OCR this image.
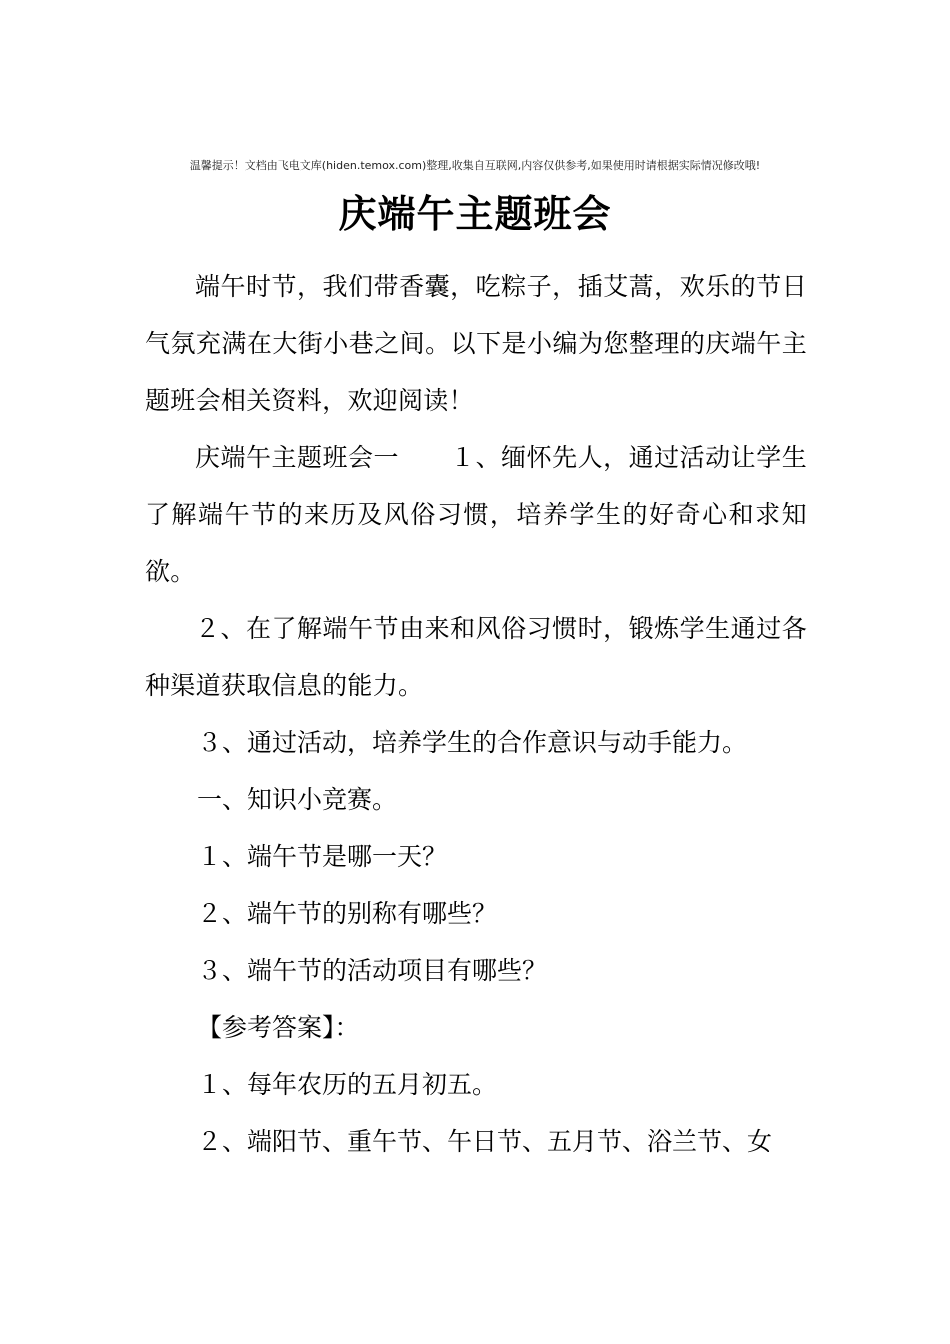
温馨提示！文档由飞电文库(hiden.temox.com)整理,收集自互联网,内容仅供参考,如果使用时请根据实际情况修改哦!
庆端午主题班会

端午时节，我们带香囊，吃粽子，插艾蒿，欢乐的节日气氛充满在大街小巷之间。以下是小编为您整理的庆端午主题班会相关资料，欢迎阅读！

庆端午主题班会一　　１、缅怀先人，通过活动让学生了解端午节的来历及风俗习惯，培养学生的好奇心和求知欲。

２、在了解端午节由来和风俗习惯时，锻炼学生通过各种渠道获取信息的能力。

３、通过活动，培养学生的合作意识与动手能力。

一、知识小竞赛。

１、端午节是哪一天？

２、端午节的别称有哪些？

３、端午节的活动项目有哪些？

【参考答案】：

１、每年农历的五月初五。

２、端阳节、重午节、午日节、五月节、浴兰节、女
